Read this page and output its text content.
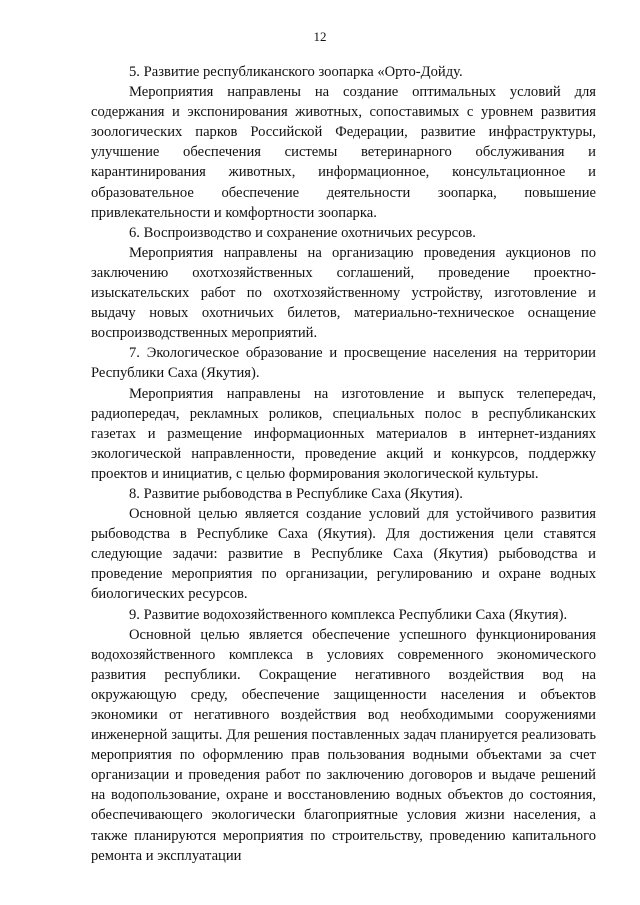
12

5. Развитие республиканского зоопарка «Орто-Дойду.

Мероприятия направлены на создание оптимальных условий для содержания и экспонирования животных, сопоставимых с уровнем развития зоологических парков Российской Федерации, развитие инфраструктуры, улучшение обеспечения системы ветеринарного обслуживания и карантинирования животных, информационное, консультационное и образовательное обеспечение деятельности зоопарка, повышение привлекательности и комфортности зоопарка.

6. Воспроизводство и сохранение охотничьих ресурсов.

Мероприятия направлены на организацию проведения аукционов по заключению охотхозяйственных соглашений, проведение проектно-изыскательских работ по охотхозяйственному устройству, изготовление и выдачу новых охотничьих билетов, материально-техническое оснащение воспроизводственных мероприятий.

7. Экологическое образование и просвещение населения на территории Республики Саха (Якутия).

Мероприятия направлены на изготовление и выпуск телепередач, радиопередач, рекламных роликов, специальных полос в республиканских газетах и размещение информационных материалов в интернет-изданиях экологической направленности, проведение акций и конкурсов, поддержку проектов и инициатив, с целью формирования экологической культуры.

8. Развитие рыбоводства в Республике Саха (Якутия).

Основной целью является создание условий для устойчивого развития рыбоводства в Республике Саха (Якутия). Для достижения цели ставятся следующие задачи: развитие в Республике Саха (Якутия) рыбоводства и проведение мероприятия по организации, регулированию и охране водных биологических ресурсов.

9. Развитие водохозяйственного комплекса Республики Саха (Якутия).

Основной целью является обеспечение успешного функционирования водохозяйственного комплекса в условиях современного экономического развития республики. Сокращение негативного воздействия вод на окружающую среду, обеспечение защищенности населения и объектов экономики от негативного воздействия вод необходимыми сооружениями инженерной защиты. Для решения поставленных задач планируется реализовать мероприятия по оформлению прав пользования водными объектами за счет организации и проведения работ по заключению договоров и выдаче решений на водопользование, охране и восстановлению водных объектов до состояния, обеспечивающего экологически благоприятные условия жизни населения, а также планируются мероприятия по строительству, проведению капитального ремонта и эксплуатации
